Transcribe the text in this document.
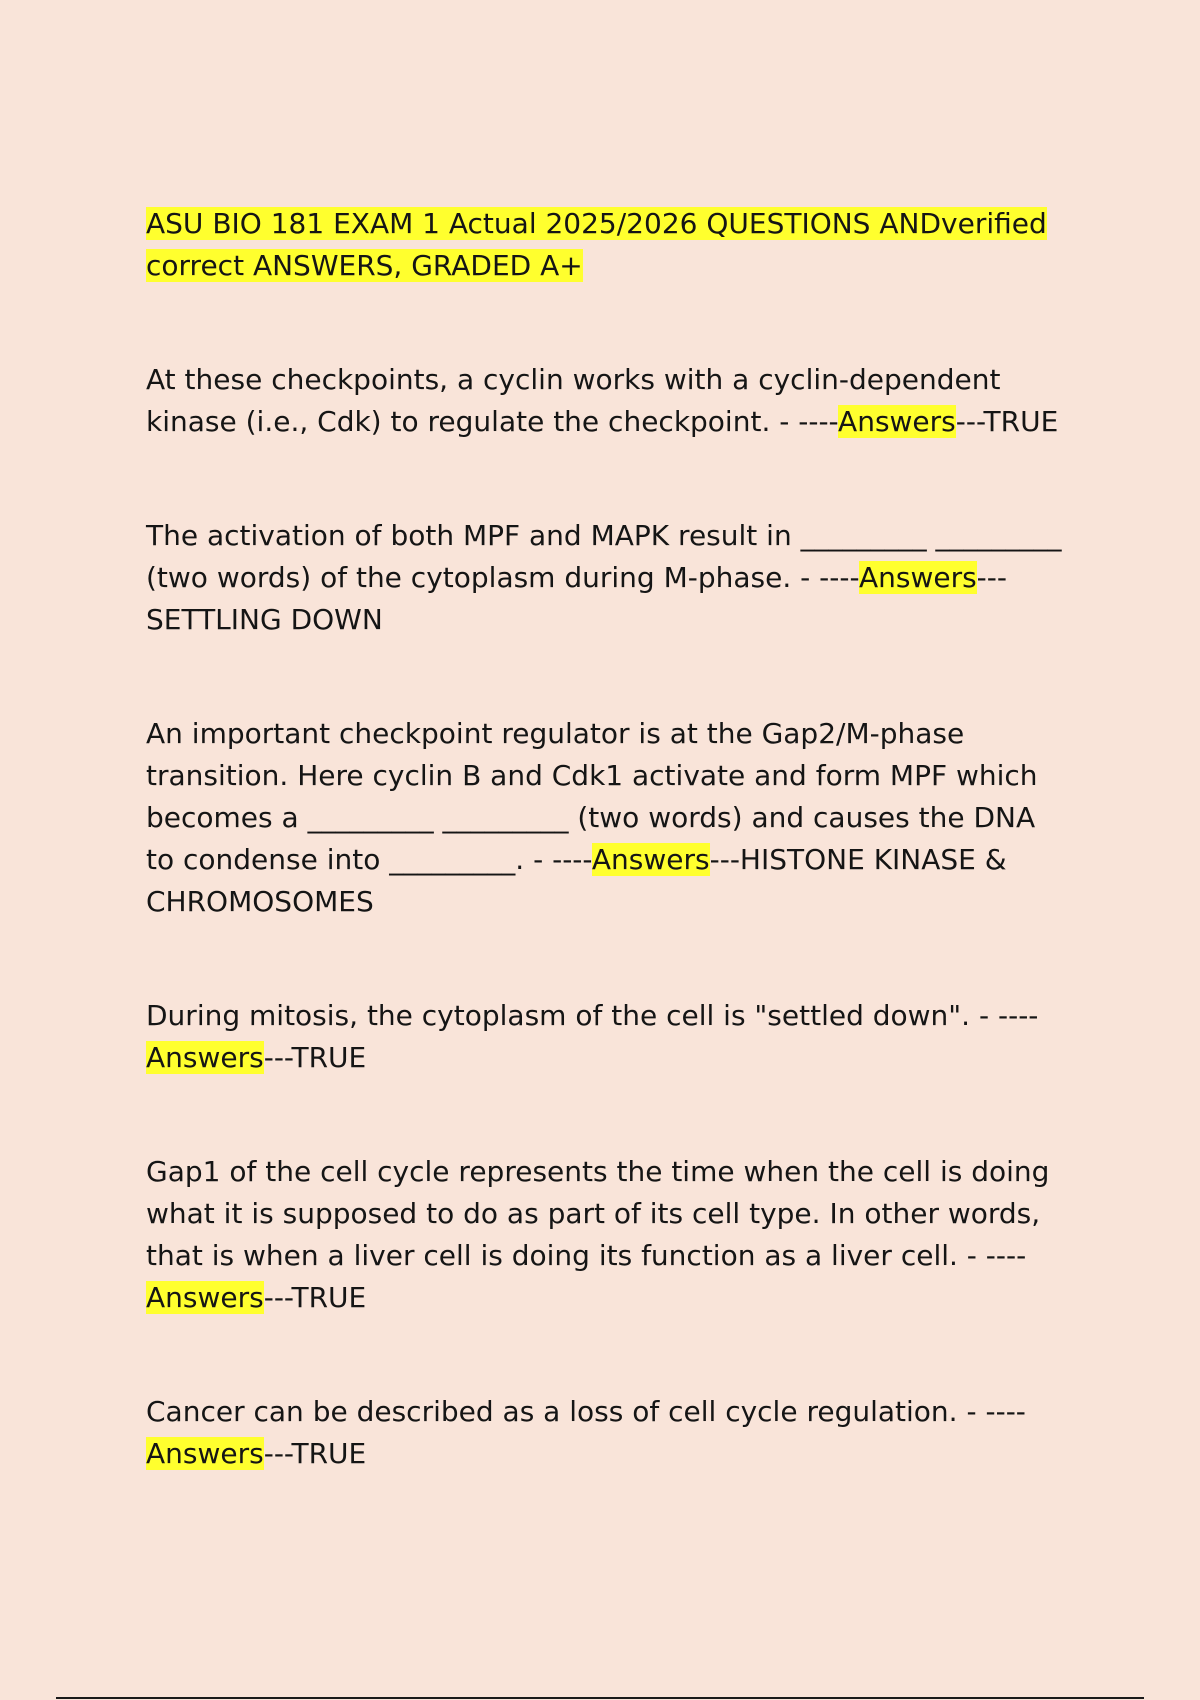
ASU BIO 181 EXAM 1 Actual 2025/2026 QUESTIONS ANDverified correct ANSWERS, GRADED A+

At these checkpoints, a cyclin works with a cyclin-dependent kinase (i.e., Cdk) to regulate the checkpoint. - ----Answers---TRUE

The activation of both MPF and MAPK result in _________ _________ (two words) of the cytoplasm during M-phase. - ----Answers---SETTLING DOWN

An important checkpoint regulator is at the Gap2/M-phase transition. Here cyclin B and Cdk1 activate and form MPF which becomes a _________ _________ (two words) and causes the DNA to condense into _________. - ----Answers---HISTONE KINASE & CHROMOSOMES

During mitosis, the cytoplasm of the cell is "settled down". - ----Answers---TRUE

Gap1 of the cell cycle represents the time when the cell is doing what it is supposed to do as part of its cell type. In other words, that is when a liver cell is doing its function as a liver cell. - ----Answers---TRUE

Cancer can be described as a loss of cell cycle regulation. - ----Answers---TRUE
